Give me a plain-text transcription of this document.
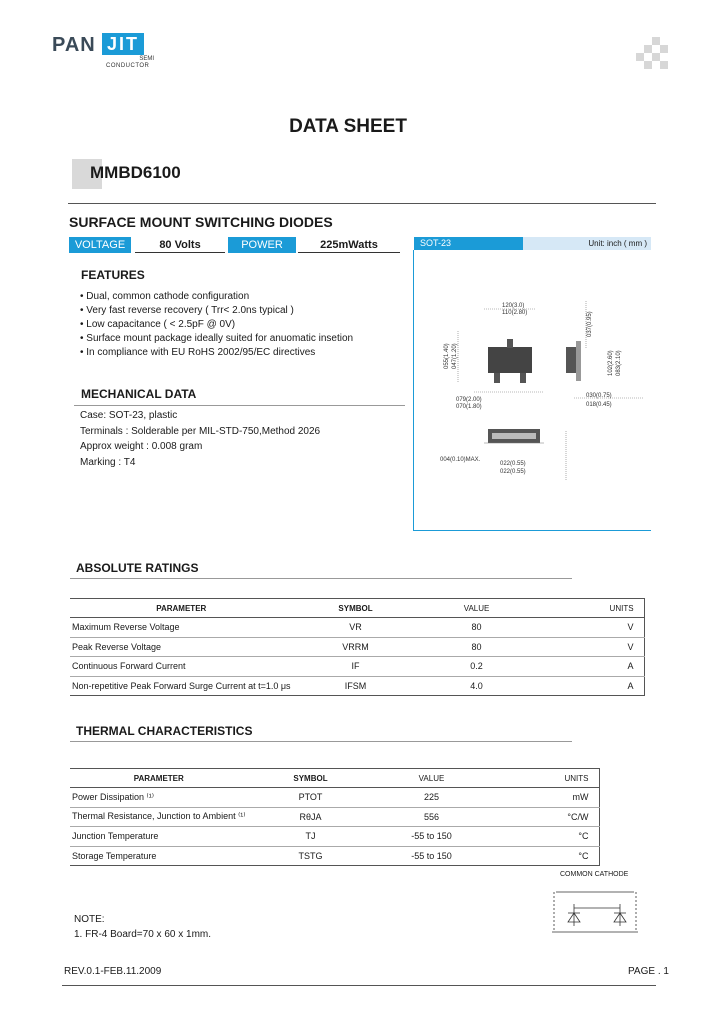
PAN JIT
SEMI
CONDUCTOR
DATA SHEET
MMBD6100
SURFACE MOUNT SWITCHING DIODES
VOLTAGE	80 Volts	POWER	225mWatts	SOT-23	Unit: inch ( mm )
120(3.0)
110(2.80)
055(1.40) 047(1.20)
079(2.00)
070(1.80)
037(0.95)
102(2.60) 083(2.10)
030(0.75)
018(0.45)
004(0.10)MAX.
022(0.55)
022(0.55)
FEATURES
• Dual, common cathode configuration
• Very fast reverse recovery ( Trr< 2.0ns typical )
• Low capacitance ( < 2.5pF @ 0V)
• Surface mount package ideally suited for anuomatic insetion
• In compliance with EU RoHS 2002/95/EC directives
MECHANICAL DATA
Case: SOT-23, plastic
Terminals : Solderable per MIL-STD-750,Method 2026
Approx weight : 0.008 gram
Marking : T4
ABSOLUTE RATINGS
PARAMETER	SYMBOL	VALUE	UNITS
Maximum Reverse Voltage	VR	80	V
Peak Reverse Voltage	VRRM	80	V
Continuous Forward Current	IF	0.2	A
Non-repetitive Peak Forward Surge Current at t=1.0 μs	IFSM	4.0	A
THERMAL CHARACTERISTICS
PARAMETER	SYMBOL	VALUE	UNITS
Power Dissipation ⁽¹⁾	PTOT	225	mW
Thermal Resistance, Junction to Ambient ⁽¹⁾	RθJA	556	°C/W
Junction Temperature	TJ	-55 to 150	°C
Storage Temperature	TSTG	-55 to 150	°C
COMMON CATHODE
NOTE:
1. FR-4 Board=70 x 60 x 1mm.
REV.0.1-FEB.11.2009	PAGE . 1
